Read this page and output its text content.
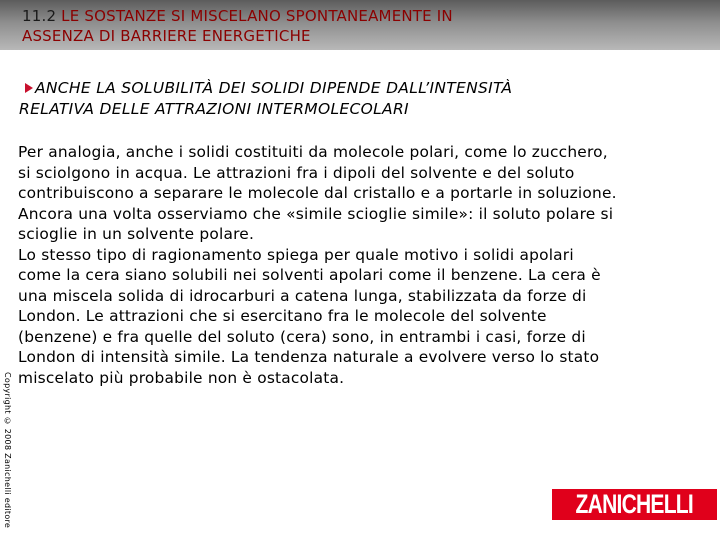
11.2 LE SOSTANZE SI MISCELANO SPONTANEAMENTE IN
ASSENZA DI BARRIERE ENERGETICHE
ANCHE LA SOLUBILITÀ DEI SOLIDI DIPENDE DALL’INTENSITÀ
RELATIVA DELLE ATTRAZIONI INTERMOLECOLARI
Per analogia, anche i solidi costituiti da molecole polari, come lo zucchero,
si sciolgono in acqua. Le attrazioni fra i dipoli del solvente e del soluto
contribuiscono a separare le molecole dal cristallo e a portarle in soluzione.
Ancora una volta osserviamo che «simile scioglie simile»: il soluto polare si
scioglie in un solvente polare.
Lo stesso tipo di ragionamento spiega per quale motivo i solidi apolari
come la cera siano solubili nei solventi apolari come il benzene. La cera è
una miscela solida di idrocarburi a catena lunga, stabilizzata da forze di
London. Le attrazioni che si esercitano fra le molecole del solvente
(benzene) e fra quelle del soluto (cera) sono, in entrambi i casi, forze di
London di intensità simile. La tendenza naturale a evolvere verso lo stato
miscelato più probabile non è ostacolata.
Copyright © 2008 Zanichelli editore	ZANICHELLI
